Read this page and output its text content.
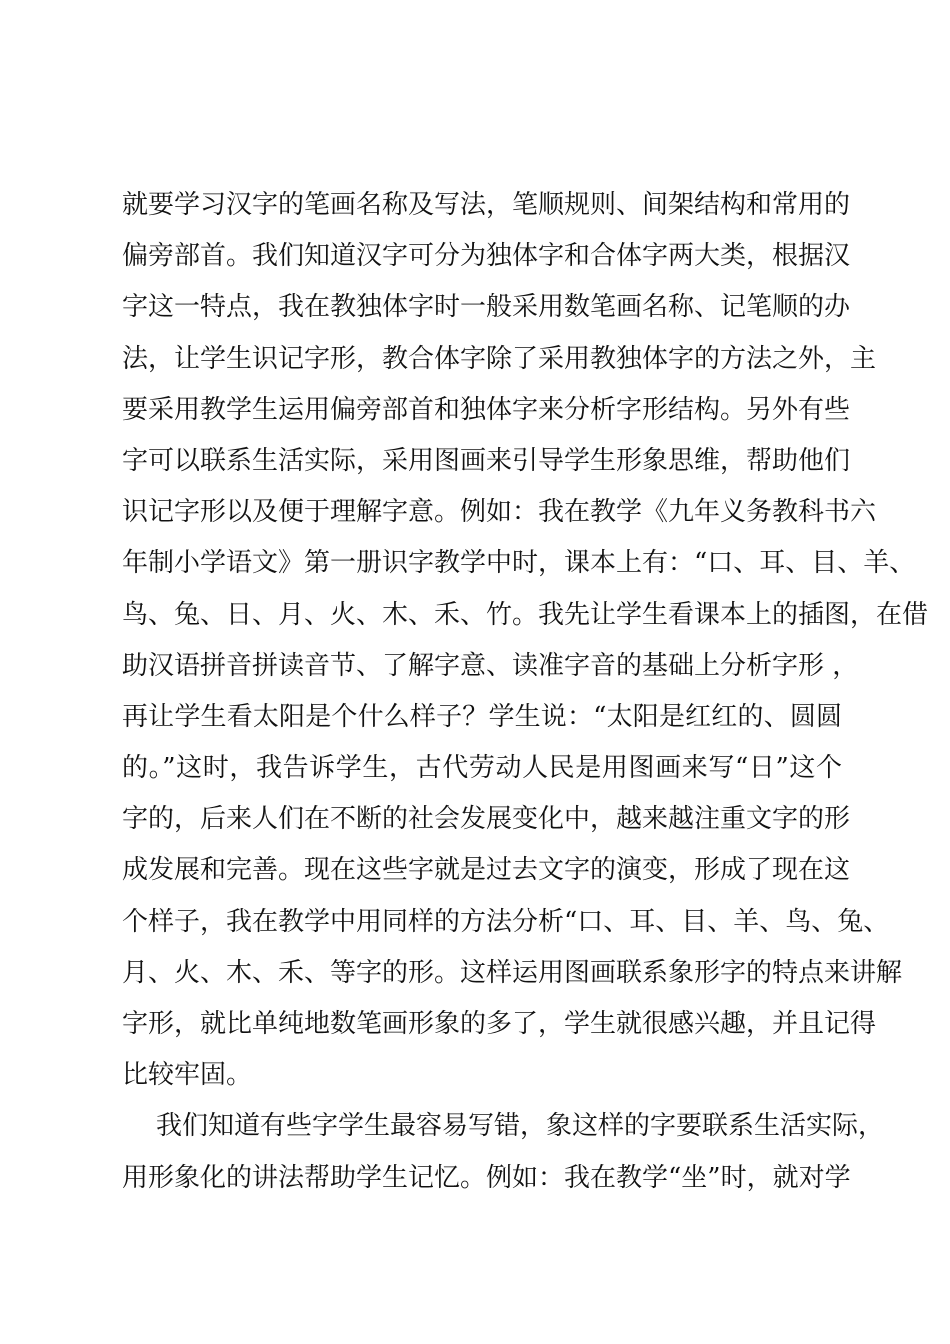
就要学习汉字的笔画名称及写法，笔顺规则、间架结构和常用的
偏旁部首。我们知道汉字可分为独体字和合体字两大类，根据汉
字这一特点，我在教独体字时一般采用数笔画名称、记笔顺的办
法，让学生识记字形，教合体字除了采用教独体字的方法之外，主
要采用教学生运用偏旁部首和独体字来分析字形结构。另外有些
字可以联系生活实际，采用图画来引导学生形象思维，帮助他们
识记字形以及便于理解字意。例如：我在教学《九年义务教科书六
年制小学语文》第一册识字教学中时，课本上有：“口、耳、目、羊、
鸟、兔、日、月、火、木、禾、竹。我先让学生看课本上的插图，在借
助汉语拼音拼读音节、了解字意、读准字音的基础上分析字形 ，
再让学生看太阳是个什么样子？学生说：“太阳是红红的、圆圆
的。”这时，我告诉学生，古代劳动人民是用图画来写“日”这个
字的，后来人们在不断的社会发展变化中，越来越注重文字的形
成发展和完善。现在这些字就是过去文字的演变，形成了现在这
个样子，我在教学中用同样的方法分析“口、耳、目、羊、鸟、兔、
月、火、木、禾、等字的形。这样运用图画联系象形字的特点来讲解
字形，就比单纯地数笔画形象的多了，学生就很感兴趣，并且记得
比较牢固。
我们知道有些字学生最容易写错，象这样的字要联系生活实际，
用形象化的讲法帮助学生记忆。例如：我在教学“坐”时，就对学
